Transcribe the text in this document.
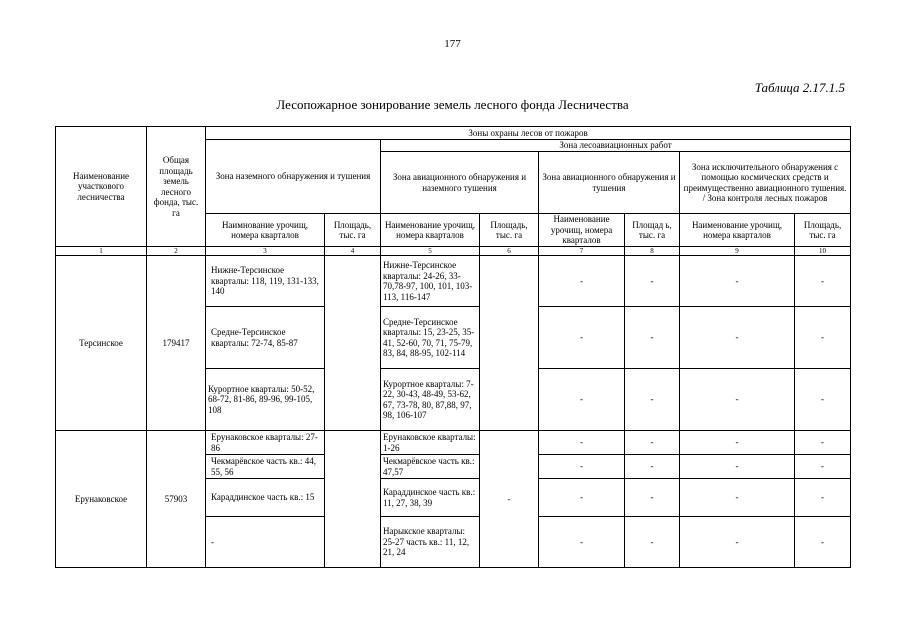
177
Таблица 2.17.1.5
Лесопожарное зонирование земель лесного фонда Лесничества
Наименование участкового лесничества	Общая площадь земель лесного фонда, тыс. га	Зоны охраны лесов от пожаров							
		Зона наземного обнаружения и тушения		Зона лесоавиационных работ					
				Зона авиационного обнаружения и наземного тушения		Зона авиационного обнаружения и тушения		Зона исключительного обнаружения с помощью космических средств и преимущественно авиационного тушения. / Зона контроля лесных пожаров	
		Наимнование урочищ, номера кварталов	Площадь, тыс. га	Наименование урочищ, номера кварталов	Площадь, тыс. га	Наименование урочищ, номера кварталов	Площад ь, тыс. га	Наименование урочищ, номера кварталов	Площадь, тыс. га
1	2	3	4	5	6	7	8	9	10
Терсинское	179417	Нижне-Терсинское кварталы: 118, 119, 131-133, 140		Нижне-Терсинское кварталы: 24-26, 33-70,78-97, 100, 101, 103-113, 116-147		-	-	-	-
		Средне-Терсинское кварталы: 72-74, 85-87		Средне-Терсинское кварталы: 15, 23-25, 35-41, 52-60, 70, 71, 75-79, 83, 84, 88-95, 102-114		-	-	-	-
		Курортное кварталы: 50-52, 68-72, 81-86, 89-96, 99-105, 108		Курортное кварталы: 7-22, 30-43, 48-49, 53-62, 67, 73-78, 80, 87,88, 97, 98, 106-107		-	-	-	-
Ерунаковское	57903	Ерунаковское кварталы: 27-86		Ерунаковское кварталы: 1-26	-	-	-	-	-
		Чекмарёвское часть кв.: 44, 55, 56		Чекмарёвское часть кв.: 47,57		-	-	-	-
		Караддинское часть кв.: 15		Караддинское часть кв.: 11, 27, 38, 39		-	-	-	-
		-		Нарыкское кварталы: 25-27 часть кв.: 11, 12, 21, 24		-	-	-	-
